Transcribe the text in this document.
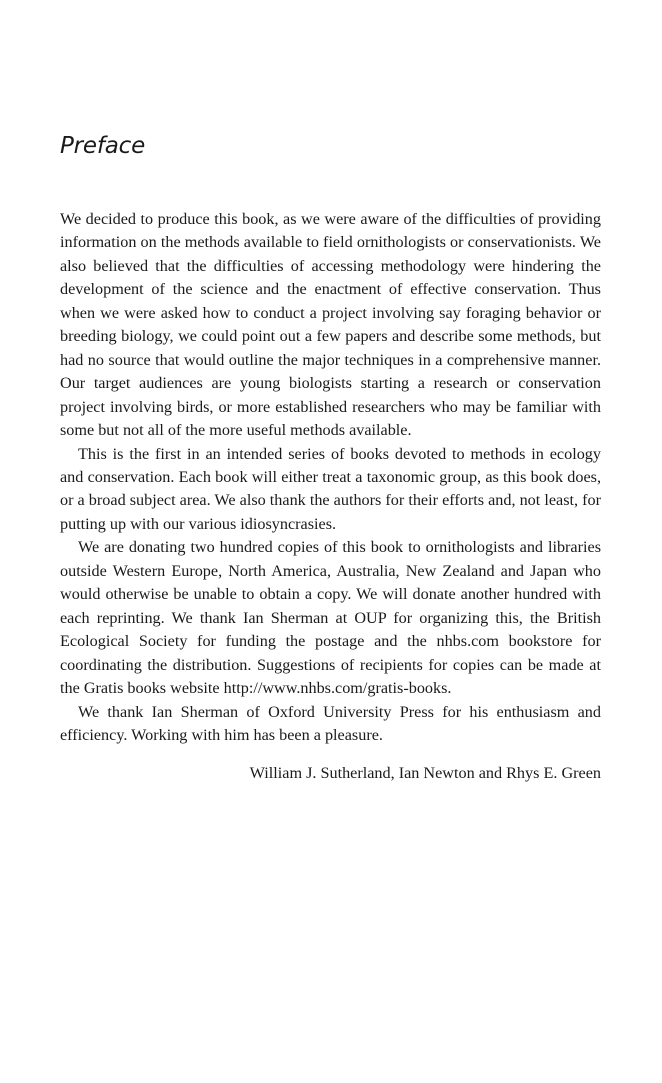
Preface

We decided to produce this book, as we were aware of the difficulties of providing information on the methods available to field ornithologists or conservationists. We also believed that the difficulties of accessing methodology were hindering the development of the science and the enactment of effective conservation. Thus when we were asked how to conduct a project involving say foraging behavior or breeding biology, we could point out a few papers and describe some methods, but had no source that would outline the major techniques in a comprehensive manner. Our target audiences are young biologists starting a research or conservation project involving birds, or more established researchers who may be familiar with some but not all of the more useful methods available.

This is the first in an intended series of books devoted to methods in ecology and conservation. Each book will either treat a taxonomic group, as this book does, or a broad subject area. We also thank the authors for their efforts and, not least, for putting up with our various idiosyncrasies.

We are donating two hundred copies of this book to ornithologists and libraries outside Western Europe, North America, Australia, New Zealand and Japan who would otherwise be unable to obtain a copy. We will donate another hundred with each reprinting. We thank Ian Sherman at OUP for organizing this, the British Ecological Society for funding the postage and the nhbs.com bookstore for coordinating the distribution. Suggestions of recipients for copies can be made at the Gratis books website http://www.nhbs.com/gratis-books.

We thank Ian Sherman of Oxford University Press for his enthusiasm and efficiency. Working with him has been a pleasure.

William J. Sutherland, Ian Newton and Rhys E. Green
